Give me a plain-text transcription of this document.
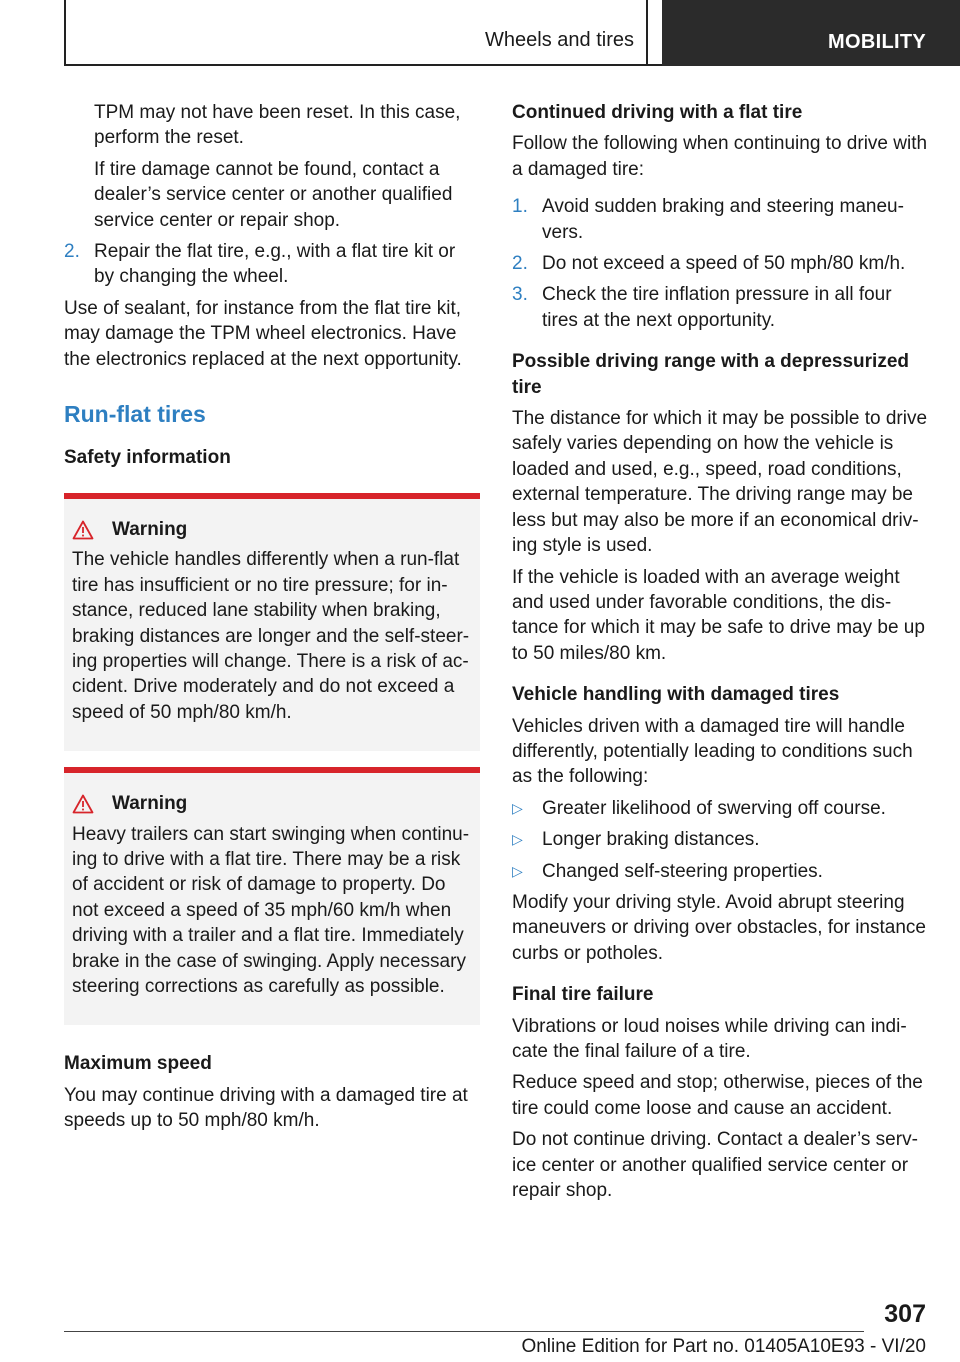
Wheels and tires	MOBILITY

TPM may not have been reset. In this case, perform the reset.

If tire damage cannot be found, contact a dealer’s service center or another qualified service center or repair shop.

2. Repair the flat tire, e.g., with a flat tire kit or by changing the wheel.

Use of sealant, for instance from the flat tire kit, may damage the TPM wheel electronics. Have the electronics replaced at the next opportunity.

Run-flat tires
Safety information
Warning

The vehicle handles differently when a run-flat tire has insufficient or no tire pressure; for in-stance, reduced lane stability when braking, braking distances are longer and the self-steer-ing properties will change. There is a risk of ac-cident. Drive moderately and do not exceed a speed of 50 mph/80 km/h.

Warning

Heavy trailers can start swinging when continu-ing to drive with a flat tire. There may be a risk of accident or risk of damage to property. Do not exceed a speed of 35 mph/60 km/h when driving with a trailer and a flat tire. Immediately brake in the case of swinging. Apply necessary steering corrections as carefully as possible.

Maximum speed

You may continue driving with a damaged tire at speeds up to 50 mph/80 km/h.

Continued driving with a flat tire

Follow the following when continuing to drive with a damaged tire:

1. Avoid sudden braking and steering maneu-vers.
2. Do not exceed a speed of 50 mph/80 km/h.
3. Check the tire inflation pressure in all four tires at the next opportunity.
Possible driving range with a depressurized tire

The distance for which it may be possible to drive safely varies depending on how the vehicle is loaded and used, e.g., speed, road conditions, external temperature. The driving range may be less but may also be more if an economical driv-ing style is used.

If the vehicle is loaded with an average weight and used under favorable conditions, the dis-tance for which it may be safe to drive may be up to 50 miles/80 km.

Vehicle handling with damaged tires

Vehicles driven with a damaged tire will handle differently, potentially leading to conditions such as the following:

▷	Greater likelihood of swerving off course.
▷	Longer braking distances.
▷	Changed self-steering properties.

Modify your driving style. Avoid abrupt steering maneuvers or driving over obstacles, for instance curbs or potholes.

Final tire failure

Vibrations or loud noises while driving can indi-cate the final failure of a tire.

Reduce speed and stop; otherwise, pieces of the tire could come loose and cause an accident.

Do not continue driving. Contact a dealer’s serv-ice center or another qualified service center or repair shop.

307
Online Edition for Part no. 01405A10E93 - VI/20
